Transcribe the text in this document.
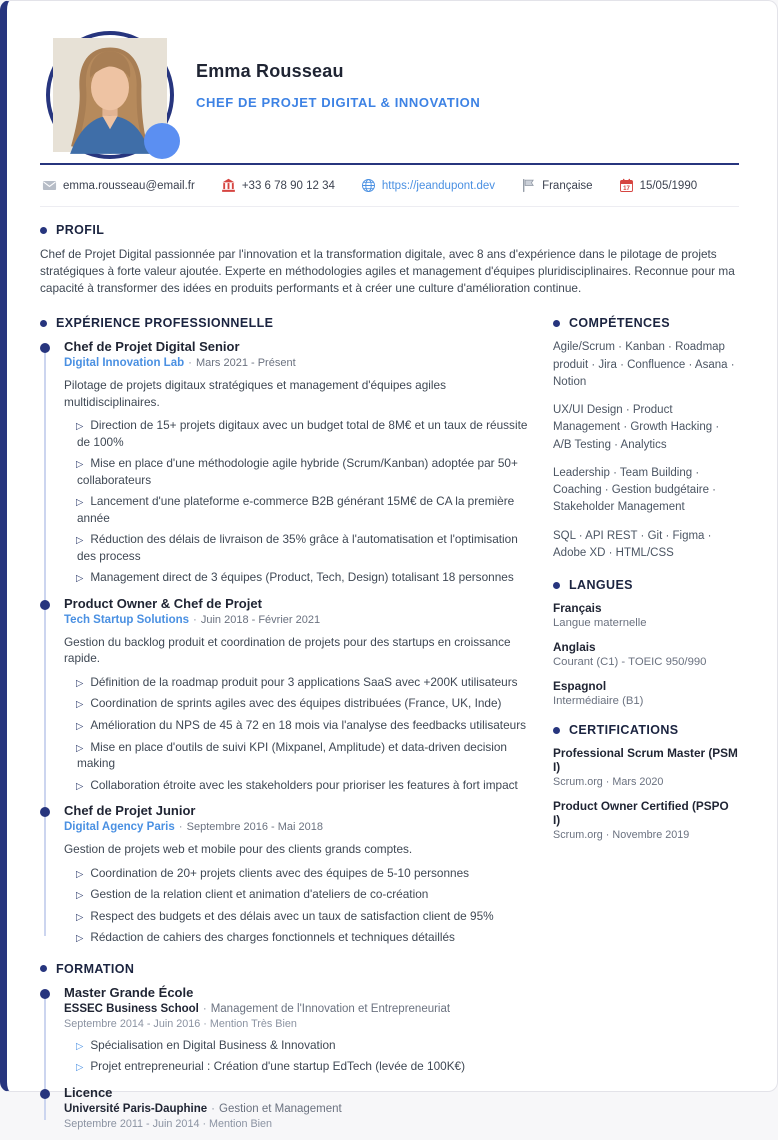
Emma Rousseau
CHEF DE PROJET DIGITAL & INNOVATION
emma.rousseau@email.fr	+33 6 78 90 12 34	https://jeandupont.dev	Française	17 15/05/1990
PROFIL

Chef de Projet Digital passionnée par l'innovation et la transformation digitale, avec 8 ans d'expérience dans le pilotage de projets stratégiques à forte valeur ajoutée. Experte en méthodologies agiles et management d'équipes pluridisciplinaires. Reconnue pour ma capacité à transformer des idées en produits performants et à créer une culture d'amélioration continue.

EXPÉRIENCE PROFESSIONNELLE
Chef de Projet Digital Senior
Digital Innovation Lab · Mars 2021 - Présent
Pilotage de projets digitaux stratégiques et management d'équipes agiles multidisciplinaires.
▷ Direction de 15+ projets digitaux avec un budget total de 8M€ et un taux de réussite de 100%
▷ Mise en place d'une méthodologie agile hybride (Scrum/Kanban) adoptée par 50+ collaborateurs
▷ Lancement d'une plateforme e-commerce B2B générant 15M€ de CA la première année
▷ Réduction des délais de livraison de 35% grâce à l'automatisation et l'optimisation des process
▷ Management direct de 3 équipes (Product, Tech, Design) totalisant 18 personnes
Product Owner & Chef de Projet
Tech Startup Solutions · Juin 2018 - Février 2021
Gestion du backlog produit et coordination de projets pour des startups en croissance rapide.
▷ Définition de la roadmap produit pour 3 applications SaaS avec +200K utilisateurs
▷ Coordination de sprints agiles avec des équipes distribuées (France, UK, Inde)
▷ Amélioration du NPS de 45 à 72 en 18 mois via l'analyse des feedbacks utilisateurs
▷ Mise en place d'outils de suivi KPI (Mixpanel, Amplitude) et data-driven decision making
▷ Collaboration étroite avec les stakeholders pour prioriser les features à fort impact
Chef de Projet Junior
Digital Agency Paris · Septembre 2016 - Mai 2018
Gestion de projets web et mobile pour des clients grands comptes.
▷ Coordination de 20+ projets clients avec des équipes de 5-10 personnes
▷ Gestion de la relation client et animation d'ateliers de co-création
▷ Respect des budgets et des délais avec un taux de satisfaction client de 95%
▷ Rédaction de cahiers des charges fonctionnels et techniques détaillés
FORMATION
Master Grande École
ESSEC Business School · Management de l'Innovation et Entrepreneuriat
Septembre 2014 - Juin 2016 · Mention Très Bien
▷ Spécialisation en Digital Business & Innovation
▷ Projet entrepreneurial : Création d'une startup EdTech (levée de 100K€)
Licence
Université Paris-Dauphine · Gestion et Management
Septembre 2011 - Juin 2014 · Mention Bien
COMPÉTENCES

Agile/Scrum · Kanban · Roadmap produit · Jira · Confluence · Asana · Notion

UX/UI Design · Product Management · Growth Hacking · A/B Testing · Analytics

Leadership · Team Building · Coaching · Gestion budgétaire · Stakeholder Management

SQL · API REST · Git · Figma · Adobe XD · HTML/CSS

LANGUES
Français
Langue maternelle
Anglais
Courant (C1) - TOEIC 950/990
Espagnol
Intermédiaire (B1)
CERTIFICATIONS
Professional Scrum Master (PSM I)
Scrum.org · Mars 2020
Product Owner Certified (PSPO I)
Scrum.org · Novembre 2019
